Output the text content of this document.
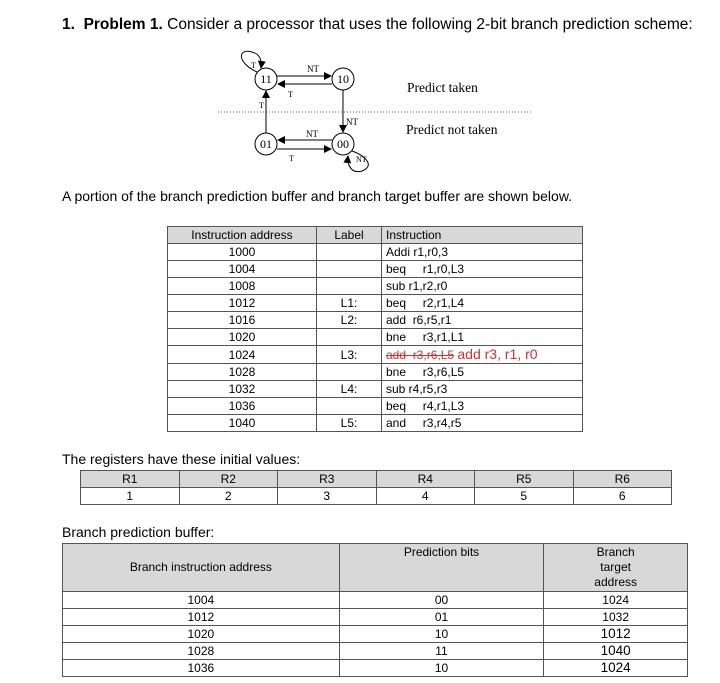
1. Problem 1. Consider a processor that uses the following 2-bit branch prediction scheme:
11	10
01	00
T	NT
T
T
NT
NT
T	NT
Predict taken
Predict not taken
A portion of the branch prediction buffer and branch target buffer are shown below.
Instruction address	Label	Instruction
1000		Addi r1,r0,3
1004		beq     r1,r0,L3
1008		sub r1,r2,r0
1012	L1:	beq     r2,r1,L4
1016	L2:	add  r6,r5,r1
1020		bne     r3,r1,L1
1024	L3:	add  r3,r6,L5 add r3, r1, r0
1028		bne     r3,r6,L5
1032	L4:	sub r4,r5,r3
1036		beq     r4,r1,L3
1040	L5:	and     r3,r4,r5
The registers have these initial values:
R1	R2	R3	R4	R5	R6
1	2	3	4	5	6
Branch prediction buffer:
Branch instruction address	Prediction bits	Branch target address
1004	00	1024
1012	01	1032
1020	10	1012
1028	11	1040
1036	10	1024
